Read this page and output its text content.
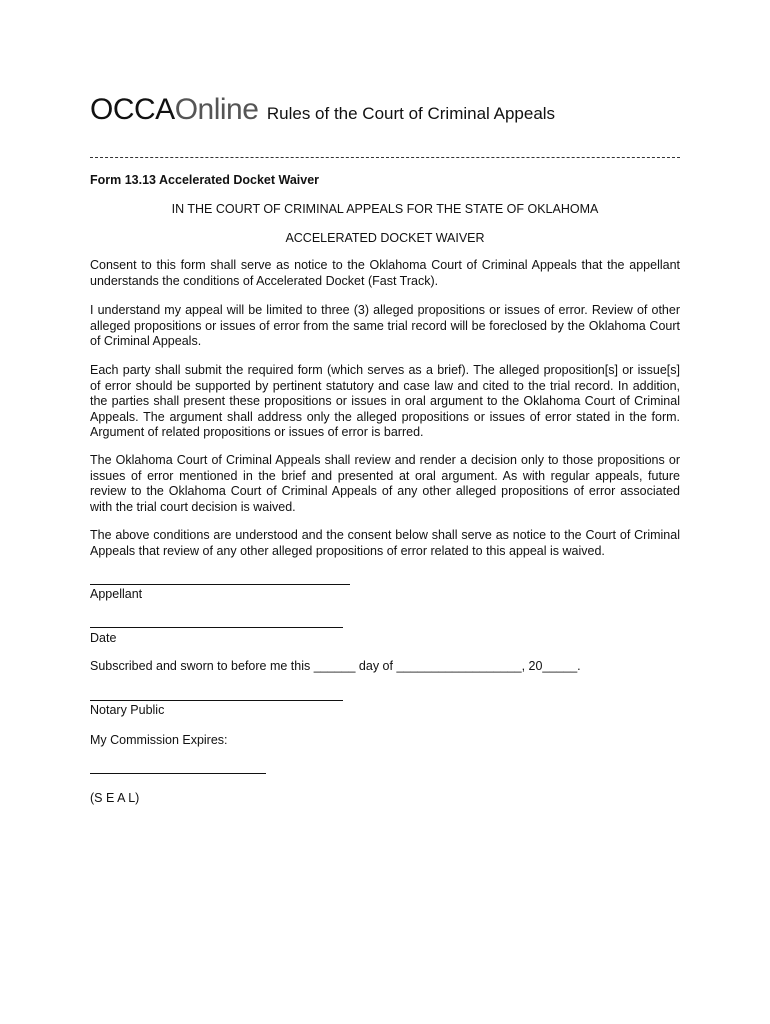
OCCAOnline Rules of the Court of Criminal Appeals
Form 13.13 Accelerated Docket Waiver
IN THE COURT OF CRIMINAL APPEALS FOR THE STATE OF OKLAHOMA
ACCELERATED DOCKET WAIVER
Consent to this form shall serve as notice to the Oklahoma Court of Criminal Appeals that the appellant understands the conditions of Accelerated Docket (Fast Track).
I understand my appeal will be limited to three (3) alleged propositions or issues of error. Review of other alleged propositions or issues of error from the same trial record will be foreclosed by the Oklahoma Court of Criminal Appeals.
Each party shall submit the required form (which serves as a brief). The alleged proposition[s] or issue[s] of error should be supported by pertinent statutory and case law and cited to the trial record. In addition, the parties shall present these propositions or issues in oral argument to the Oklahoma Court of Criminal Appeals. The argument shall address only the alleged propositions or issues of error stated in the form. Argument of related propositions or issues of error is barred.
The Oklahoma Court of Criminal Appeals shall review and render a decision only to those propositions or issues of error mentioned in the brief and presented at oral argument. As with regular appeals, future review to the Oklahoma Court of Criminal Appeals of any other alleged propositions of error associated with the trial court decision is waived.
The above conditions are understood and the consent below shall serve as notice to the Court of Criminal Appeals that review of any other alleged propositions of error related to this appeal is waived.
Appellant
Date
Subscribed and sworn to before me this ______ day of __________________, 20_____.
Notary Public
My Commission Expires:
(S E A L)
